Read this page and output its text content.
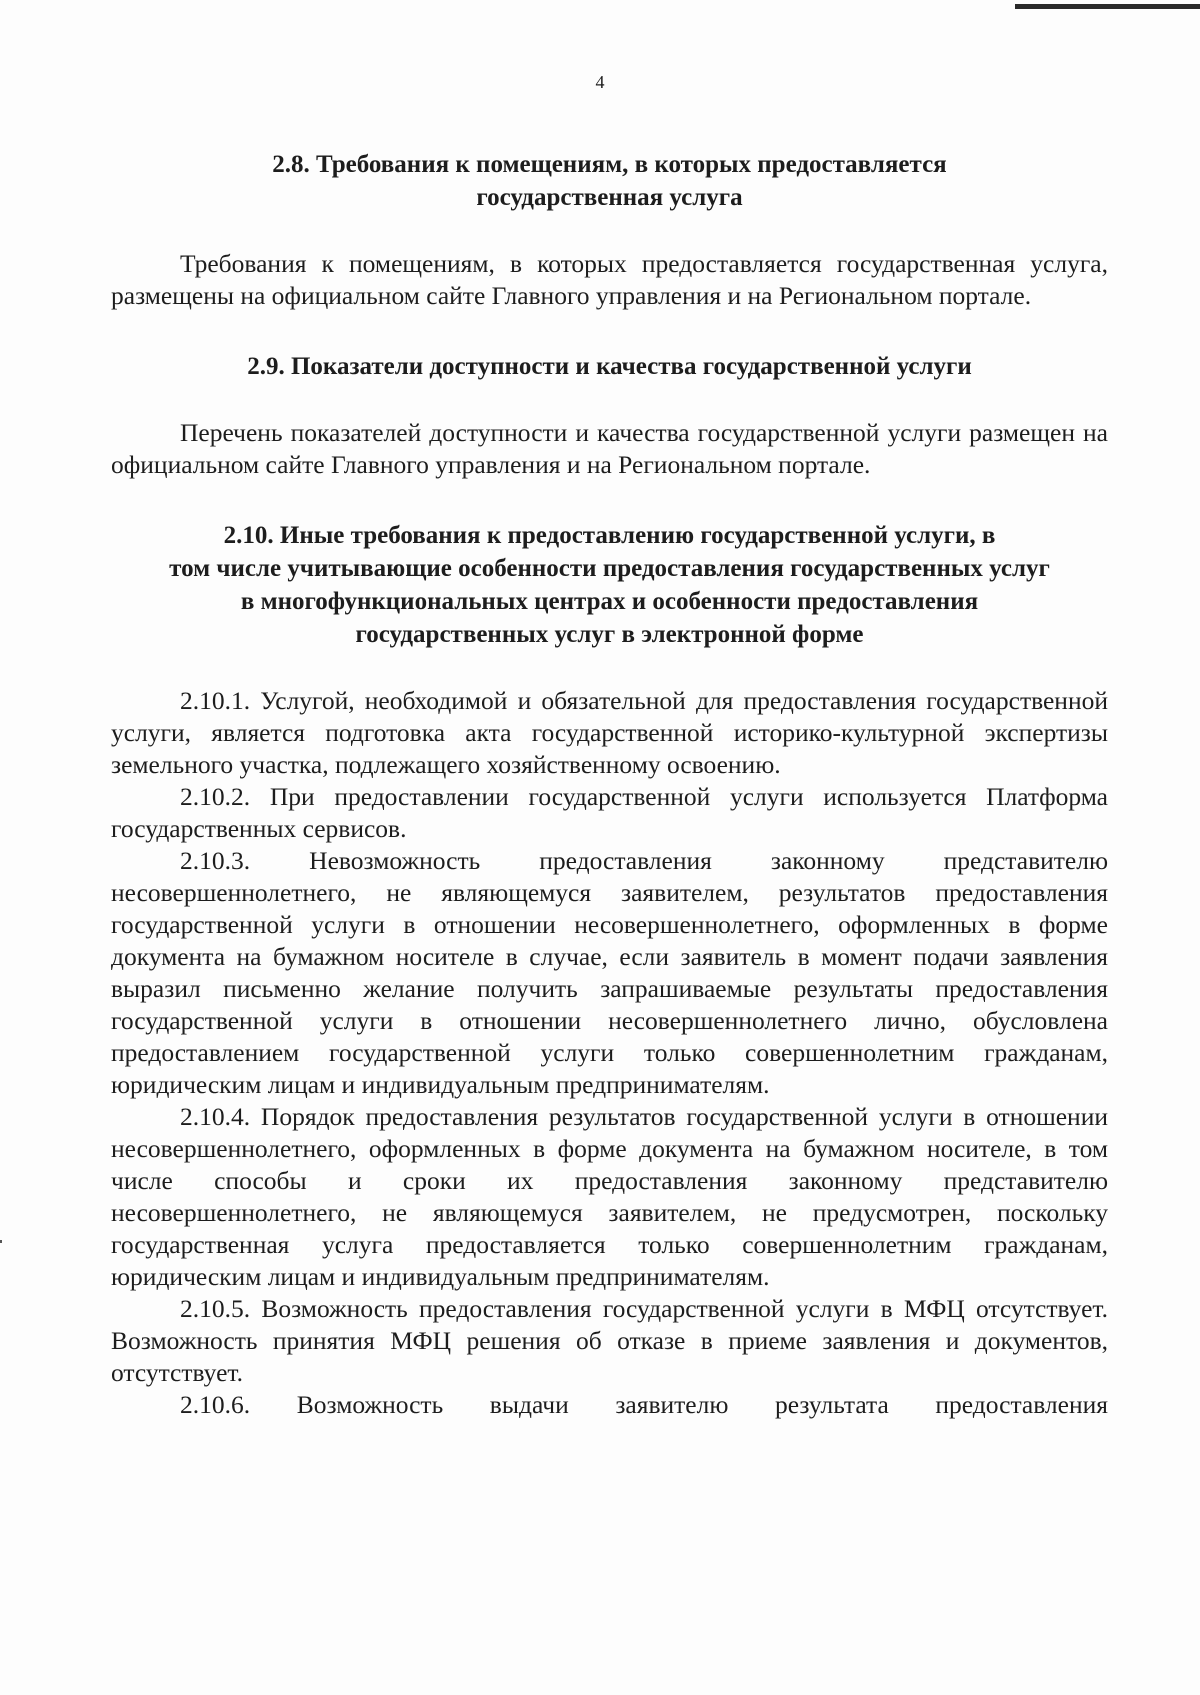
4
2.8. Требования к помещениям, в которых предоставляется
государственная услуга

Требования к помещениям, в которых предоставляется государственная услуга, размещены на официальном сайте Главного управления и на Региональном портале.

2.9. Показатели доступности и качества государственной услуги

Перечень показателей доступности и качества государственной услуги размещен на официальном сайте Главного управления и на Региональном портале.

2.10. Иные требования к предоставлению государственной услуги, в
том числе учитывающие особенности предоставления государственных услуг
в многофункциональных центрах и особенности предоставления
государственных услуг в электронной форме

2.10.1. Услугой, необходимой и обязательной для предоставления государственной услуги, является подготовка акта государственной историко-культурной экспертизы земельного участка, подлежащего хозяйственному освоению.

2.10.2. При предоставлении государственной услуги используется Платформа государственных сервисов.

2.10.3. Невозможность предоставления законному представителю несовершеннолетнего, не являющемуся заявителем, результатов предоставления государственной услуги в отношении несовершеннолетнего, оформленных в форме документа на бумажном носителе в случае, если заявитель в момент подачи заявления выразил письменно желание получить запрашиваемые результаты предоставления государственной услуги в отношении несовершеннолетнего лично, обусловлена предоставлением государственной услуги только совершеннолетним гражданам, юридическим лицам и индивидуальным предпринимателям.

2.10.4. Порядок предоставления результатов государственной услуги в отношении несовершеннолетнего, оформленных в форме документа на бумажном носителе, в том числе способы и сроки их предоставления законному представителю несовершеннолетнего, не являющемуся заявителем, не предусмотрен, поскольку государственная услуга предоставляется только совершеннолетним гражданам, юридическим лицам и индивидуальным предпринимателям.

2.10.5. Возможность предоставления государственной услуги в МФЦ отсутствует. Возможность принятия МФЦ решения об отказе в приеме заявления и документов, отсутствует.

2.10.6. Возможность выдачи заявителю результата предоставления
